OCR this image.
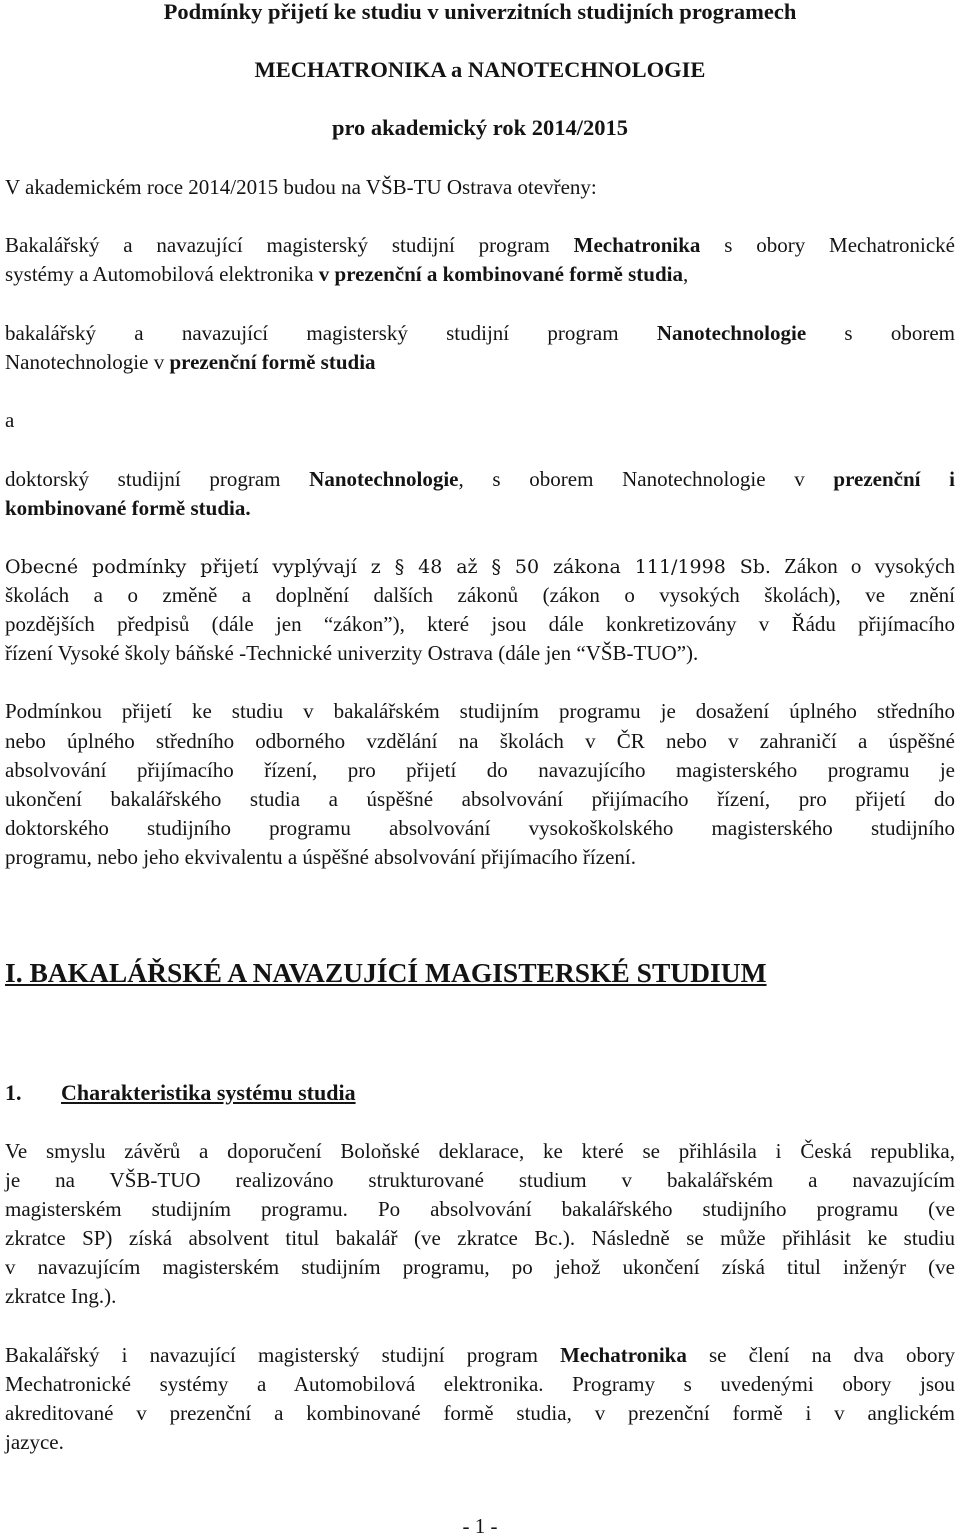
Podmínky přijetí ke studiu v univerzitních studijních programech
MECHATRONIKA a NANOTECHNOLOGIE
pro akademický rok 2014/2015
V akademickém roce 2014/2015 budou na VŠB-TU Ostrava otevřeny:
Bakalářský a navazující magisterský studijní program Mechatronika s obory Mechatronické
systémy a Automobilová elektronika v prezenční a kombinované formě studia,
bakalářský a navazující magisterský studijní program Nanotechnologie s oborem
Nanotechnologie v prezenční formě studia
a
doktorský studijní program Nanotechnologie, s oborem Nanotechnologie v prezenční i
kombinované formě studia.
Obecné podmínky přijetí vyplývají z § 48 až § 50 zákona 111/1998 Sb. Zákon o vysokých
školách a o změně a doplnění dalších zákonů (zákon o vysokých školách), ve znění
pozdějších předpisů (dále jen “zákon”), které jsou dále konkretizovány v Řádu přijímacího
řízení Vysoké školy báňské -Technické univerzity Ostrava (dále jen “VŠB-TUO”).
Podmínkou přijetí ke studiu v bakalářském studijním programu je dosažení úplného středního
nebo úplného středního odborného vzdělání na školách v ČR nebo v zahraničí a úspěšné
absolvování přijímacího řízení, pro přijetí do navazujícího magisterského programu je
ukončení bakalářského studia a úspěšné absolvování přijímacího řízení, pro přijetí do
doktorského studijního programu absolvování vysokoškolského magisterského studijního
programu, nebo jeho ekvivalentu a úspěšné absolvování přijímacího řízení.
I. BAKALÁŘSKÉ A NAVAZUJÍCÍ MAGISTERSKÉ STUDIUM
1. Charakteristika systému studia
Ve smyslu závěrů a doporučení Boloňské deklarace, ke které se přihlásila i Česká republika,
je na VŠB-TUO realizováno strukturované studium v bakalářském a navazujícím
magisterském studijním programu. Po absolvování bakalářského studijního programu (ve
zkratce SP) získá absolvent titul bakalář (ve zkratce Bc.). Následně se může přihlásit ke studiu
v navazujícím magisterském studijním programu, po jehož ukončení získá titul inženýr (ve
zkratce Ing.).
Bakalářský i navazující magisterský studijní program Mechatronika se člení na dva obory
Mechatronické systémy a Automobilová elektronika. Programy s uvedenými obory jsou
akreditované v prezenční a kombinované formě studia, v prezenční formě i v anglickém
jazyce.
- 1 -
